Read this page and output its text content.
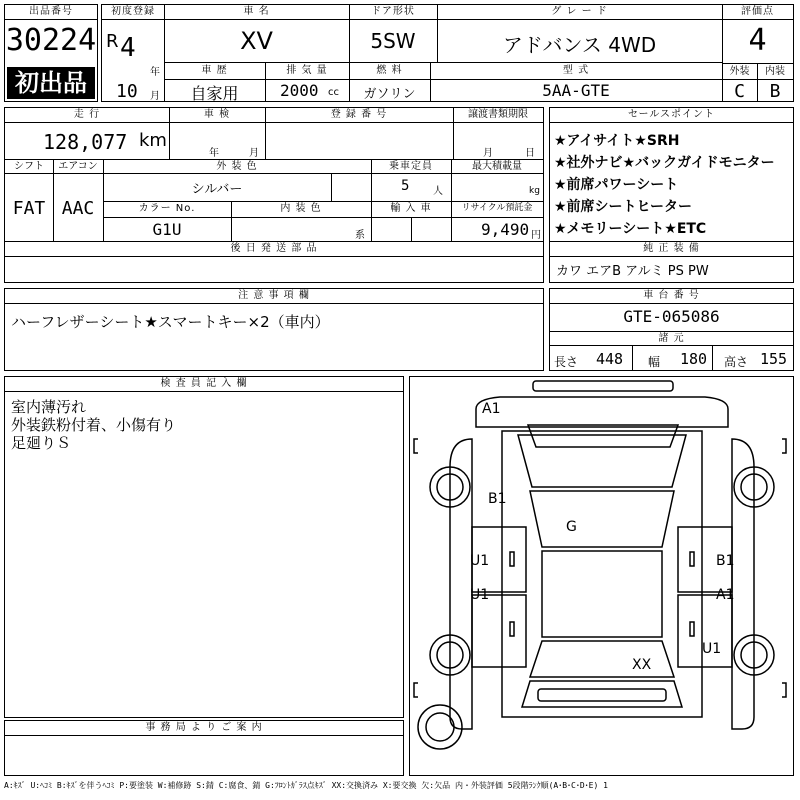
出品番号
30224
初出品
初度登録
R 4
年
10 月
車 名
XV
ドア形状
5SW
グ レ ー ド
アドバンス 4WD
評価点
4
車 歴
自家用
排 気 量
2000 cc
燃 料
ガソリン
型 式
5AA-GTE
外装
C
内装
B
走 行
128,077 km
車 検
年	月
登 録 番 号	譲渡書類期限
月	日
シフト
FAT
エアコン
AAC
外 装 色
シルバー
乗車定員
5 人
最大積載量
kg
カラー No.
G1U
内 装 色
系
輸 入 車	リサイクル預託金
9,490 円
後 日 発 送 部 品
セールスポイント
★アイサイト★SRH
★社外ナビ★バックガイドモニター
★前席パワーシート
★前席シートヒーター
★メモリーシート★ETC
純 正 装 備
カワ エアB アルミ PS PW
注 意 事 項 欄
ハーフレザーシート★スマートキー×2（車内）
車 台 番 号
GTE-065086
諸 元
長さ 448 幅 180 高さ 155
検 査 員 記 入 欄
室内薄汚れ
外装鉄粉付着、小傷有り
足廻りＳ
事 務 局 よ り ご 案 内
A1
B1
G
U1
U1
B1
A1
U1
XX
A:ｷｽﾞ U:ﾍｺﾐ B:ｷｽﾞを伴うﾍｺﾐ P:要塗装 W:補修跡 S:錆 C:腐食、錆 G:ﾌﾛﾝﾄｶﾞﾗｽ点ｷｽﾞ XX:交換済み X:要交換 欠:欠品 内・外装評価 5段階ﾗﾝｸ順(A･B･C･D･E) 1
